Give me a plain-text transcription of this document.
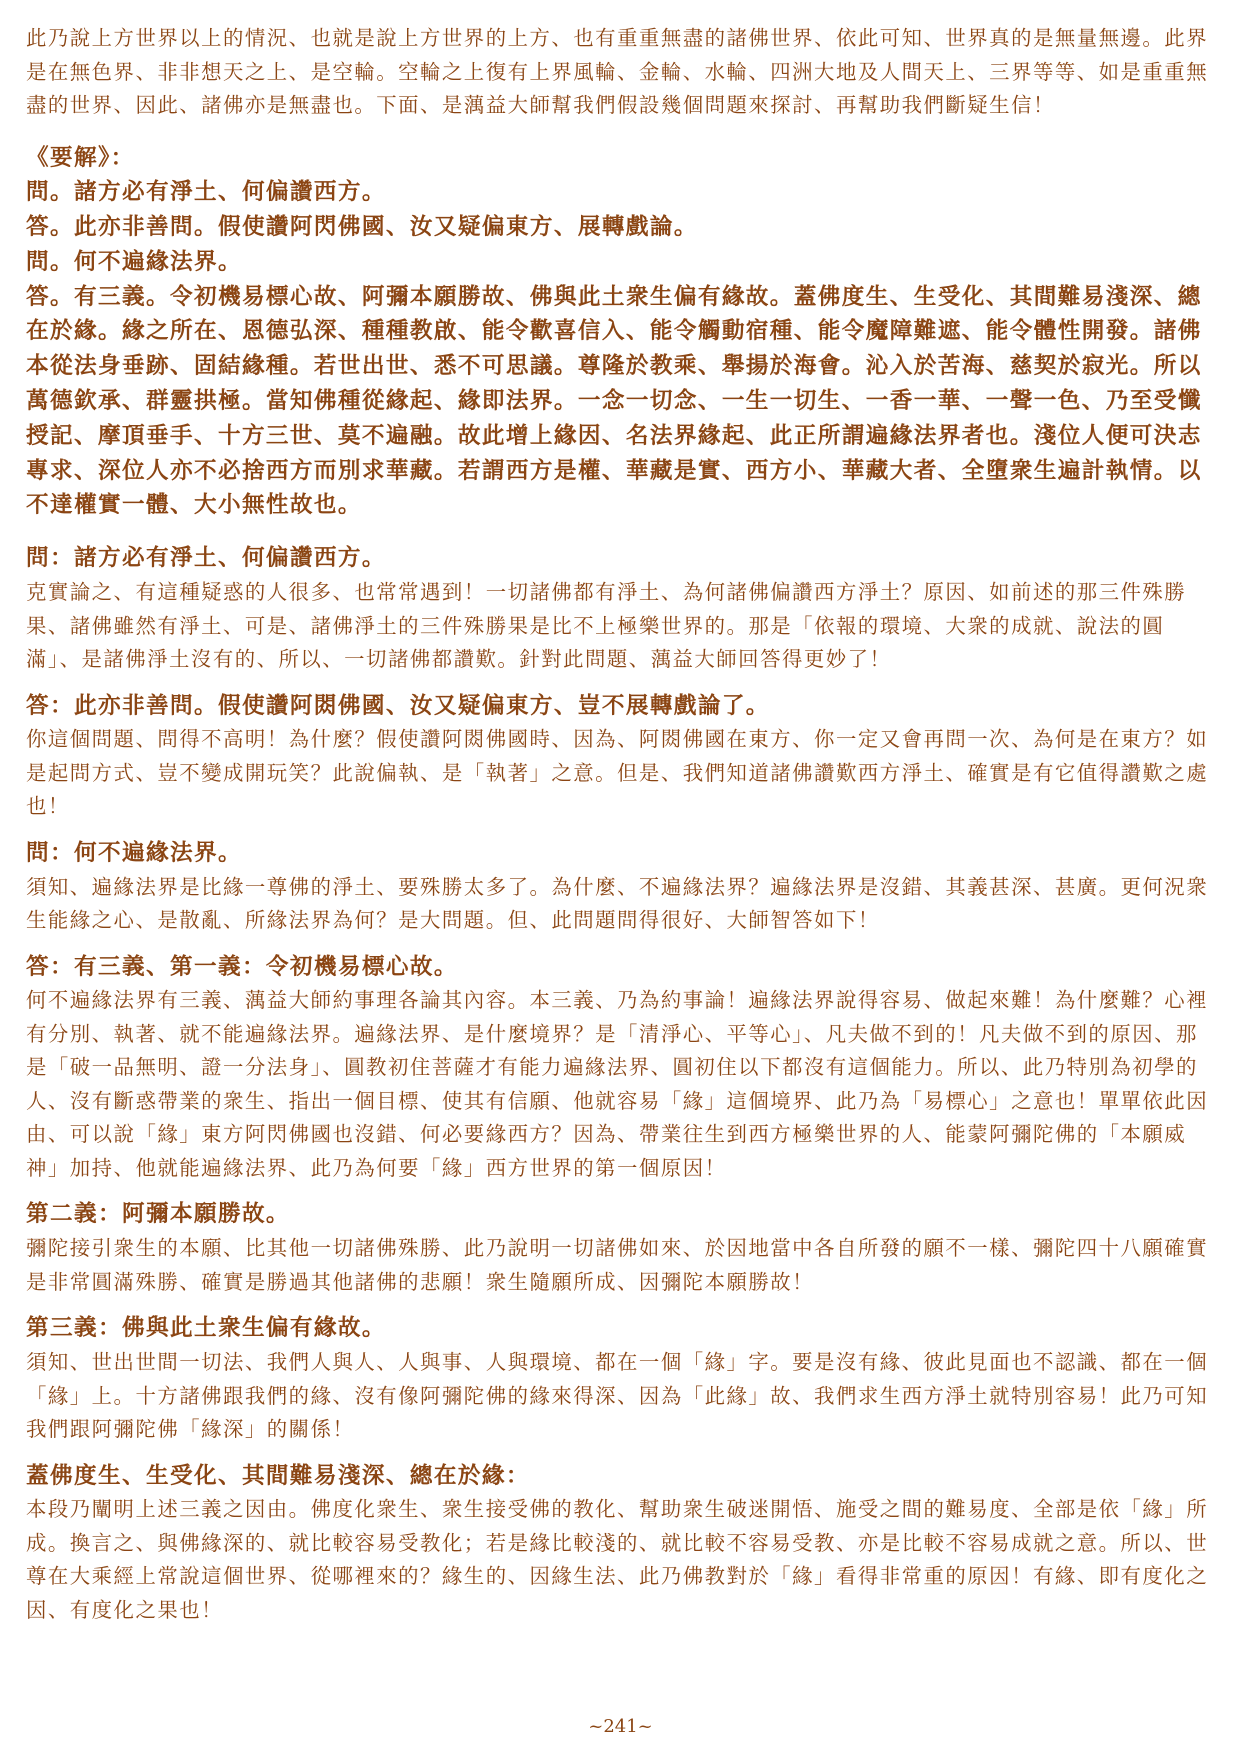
此乃說上方世界以上的情況、也就是說上方世界的上方、也有重重無盡的諸佛世界、依此可知、世界真的是無量無邊。此界是在無色界、非非想天之上、是空輪。空輪之上復有上界風輪、金輪、水輪、四洲大地及人間天上、三界等等、如是重重無盡的世界、因此、諸佛亦是無盡也。下面、是蕅益大師幫我們假設幾個問題來探討、再幫助我們斷疑生信！

《要解》：

問。諸方必有淨土、何偏讚西方。

答。此亦非善問。假使讚阿閃佛國、汝又疑偏東方、展轉戲論。

問。何不遍緣法界。

答。有三義。令初機易標心故、阿彌本願勝故、佛與此土衆生偏有緣故。蓋佛度生、生受化、其間難易淺深、總在於緣。緣之所在、恩德弘深、種種教啟、能令歡喜信入、能令觸動宿種、能令魔障難遮、能令體性開發。諸佛本從法身垂跡、固結緣種。若世出世、悉不可思議。尊隆於教乘、舉揚於海會。沁入於苦海、慈契於寂光。所以萬德欽承、群靈拱極。當知佛種從緣起、緣即法界。一念一切念、一生一切生、一香一華、一聲一色、乃至受懺授記、摩頂垂手、十方三世、莫不遍融。故此增上緣因、名法界緣起、此正所謂遍緣法界者也。淺位人便可決志專求、深位人亦不必捨西方而別求華藏。若謂西方是權、華藏是實、西方小、華藏大者、全墮衆生遍計執情。以不達權實一體、大小無性故也。

問：諸方必有淨土、何偏讚西方。

克實論之、有這種疑惑的人很多、也常常遇到！一切諸佛都有淨土、為何諸佛偏讚西方淨土？原因、如前述的那三件殊勝果、諸佛雖然有淨土、可是、諸佛淨土的三件殊勝果是比不上極樂世界的。那是「依報的環境、大衆的成就、說法的圓滿」、是諸佛淨土沒有的、所以、一切諸佛都讚歎。針對此問題、蕅益大師回答得更妙了！

答：此亦非善問。假使讚阿閦佛國、汝又疑偏東方、豈不展轉戲論了。

你這個問題、問得不高明！為什麼？假使讚阿閦佛國時、因為、阿閦佛國在東方、你一定又會再問一次、為何是在東方？如是起問方式、豈不變成開玩笑？此說偏執、是「執著」之意。但是、我們知道諸佛讚歎西方淨土、確實是有它值得讚歎之處也！

問：何不遍緣法界。

須知、遍緣法界是比緣一尊佛的淨土、要殊勝太多了。為什麼、不遍緣法界？遍緣法界是沒錯、其義甚深、甚廣。更何況衆生能緣之心、是散亂、所緣法界為何？是大問題。但、此問題問得很好、大師智答如下！

答：有三義、第一義：令初機易標心故。

何不遍緣法界有三義、蕅益大師約事理各論其內容。本三義、乃為約事論！遍緣法界說得容易、做起來難！為什麼難？心裡有分別、執著、就不能遍緣法界。遍緣法界、是什麼境界？是「清淨心、平等心」、凡夫做不到的！凡夫做不到的原因、那是「破一品無明、證一分法身」、圓教初住菩薩才有能力遍緣法界、圓初住以下都沒有這個能力。所以、此乃特別為初學的人、沒有斷惑帶業的衆生、指出一個目標、使其有信願、他就容易「緣」這個境界、此乃為「易標心」之意也！單單依此因由、可以說「緣」東方阿閃佛國也沒錯、何必要緣西方？因為、帶業往生到西方極樂世界的人、能蒙阿彌陀佛的「本願威神」加持、他就能遍緣法界、此乃為何要「緣」西方世界的第一個原因！

第二義：阿彌本願勝故。

彌陀接引衆生的本願、比其他一切諸佛殊勝、此乃說明一切諸佛如來、於因地當中各自所發的願不一樣、彌陀四十八願確實是非常圓滿殊勝、確實是勝過其他諸佛的悲願！衆生隨願所成、因彌陀本願勝故！

第三義：佛與此土衆生偏有緣故。

須知、世出世間一切法、我們人與人、人與事、人與環境、都在一個「緣」字。要是沒有緣、彼此見面也不認識、都在一個「緣」上。十方諸佛跟我們的緣、沒有像阿彌陀佛的緣來得深、因為「此緣」故、我們求生西方淨土就特別容易！此乃可知我們跟阿彌陀佛「緣深」的關係！

蓋佛度生、生受化、其間難易淺深、總在於緣：

本段乃闡明上述三義之因由。佛度化衆生、衆生接受佛的教化、幫助衆生破迷開悟、施受之間的難易度、全部是依「緣」所成。換言之、與佛緣深的、就比較容易受教化；若是緣比較淺的、就比較不容易受教、亦是比較不容易成就之意。所以、世尊在大乘經上常說這個世界、從哪裡來的？緣生的、因緣生法、此乃佛教對於「緣」看得非常重的原因！有緣、即有度化之因、有度化之果也！

~241~
